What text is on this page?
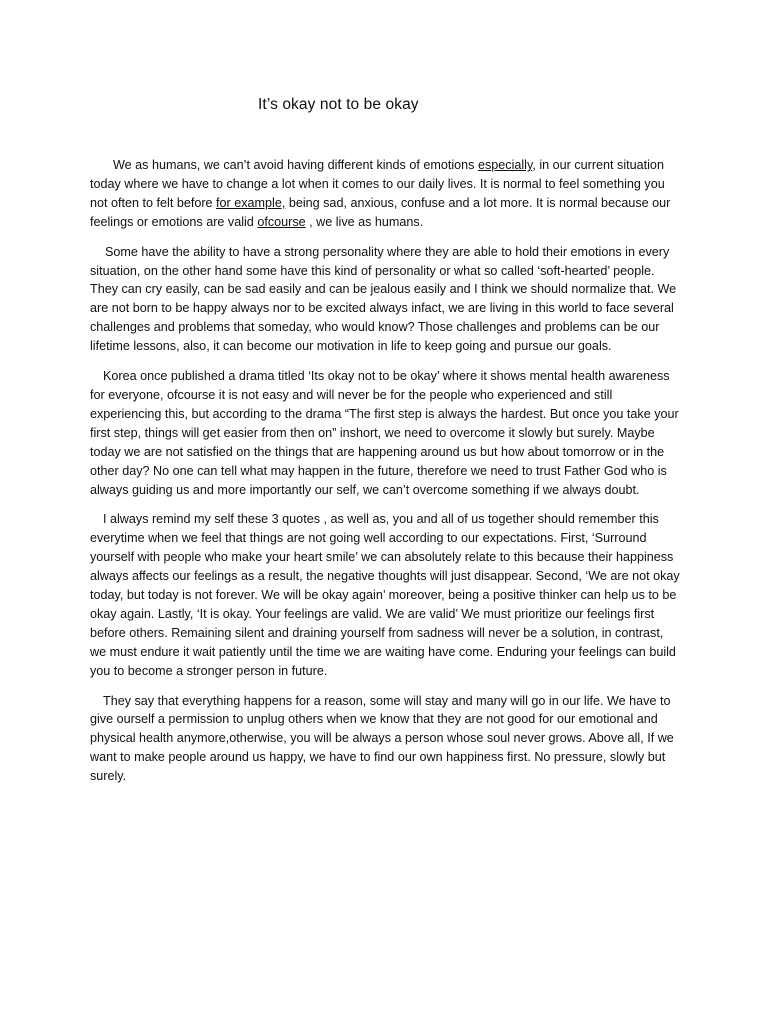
It’s okay not to be okay

We as humans, we can’t avoid having different kinds of emotions especially, in our current situation today where we have to change a lot when it comes to our daily lives. It is normal to feel something you not often to felt before for example, being sad, anxious, confuse and a lot more. It is normal because our feelings or emotions are valid ofcourse , we live as humans.

Some have the ability to have a strong personality where they are able to hold their emotions in every situation, on the other hand some have this kind of personality or what so called ‘soft-hearted’ people. They can cry easily, can be sad easily and can be jealous easily and I think we should normalize that. We are not born to be happy always nor to be excited always infact, we are living in this world to face several challenges and problems that someday, who would know? Those challenges and problems can be our lifetime lessons, also, it can become our motivation in life to keep going and pursue our goals.

Korea once published a drama titled ‘Its okay not to be okay’ where it shows mental health awareness for everyone, ofcourse it is not easy and will never be for the people who experienced and still experiencing this, but according to the drama “The first step is always the hardest. But once you take your first step, things will get easier from then on” inshort, we need to overcome it slowly but surely. Maybe today we are not satisfied on the things that are happening around us but how about tomorrow or in the other day? No one can tell what may happen in the future, therefore we need to trust Father God who is always guiding us and more importantly our self, we can’t overcome something if we always doubt.

I always remind my self these 3 quotes , as well as, you and all of us together should remember this everytime when we feel that things are not going well according to our expectations. First, ‘Surround yourself with people who make your heart smile’ we can absolutely relate to this because their happiness always affects our feelings as a result, the negative thoughts will just disappear. Second, ‘We are not okay today, but today is not forever. We will be okay again’ moreover, being a positive thinker can help us to be okay again. Lastly, ‘It is okay. Your feelings are valid. We are valid’ We must prioritize our feelings first before others. Remaining silent and draining yourself from sadness will never be a solution, in contrast, we must endure it wait patiently until the time we are waiting have come. Enduring your feelings can build you to become a stronger person in future.

They say that everything happens for a reason, some will stay and many will go in our life. We have to give ourself a permission to unplug others when we know that they are not good for our emotional and physical health anymore,otherwise, you will be always a person whose soul never grows. Above all, If we want to make people around us happy, we have to find our own happiness first. No pressure, slowly but surely.
